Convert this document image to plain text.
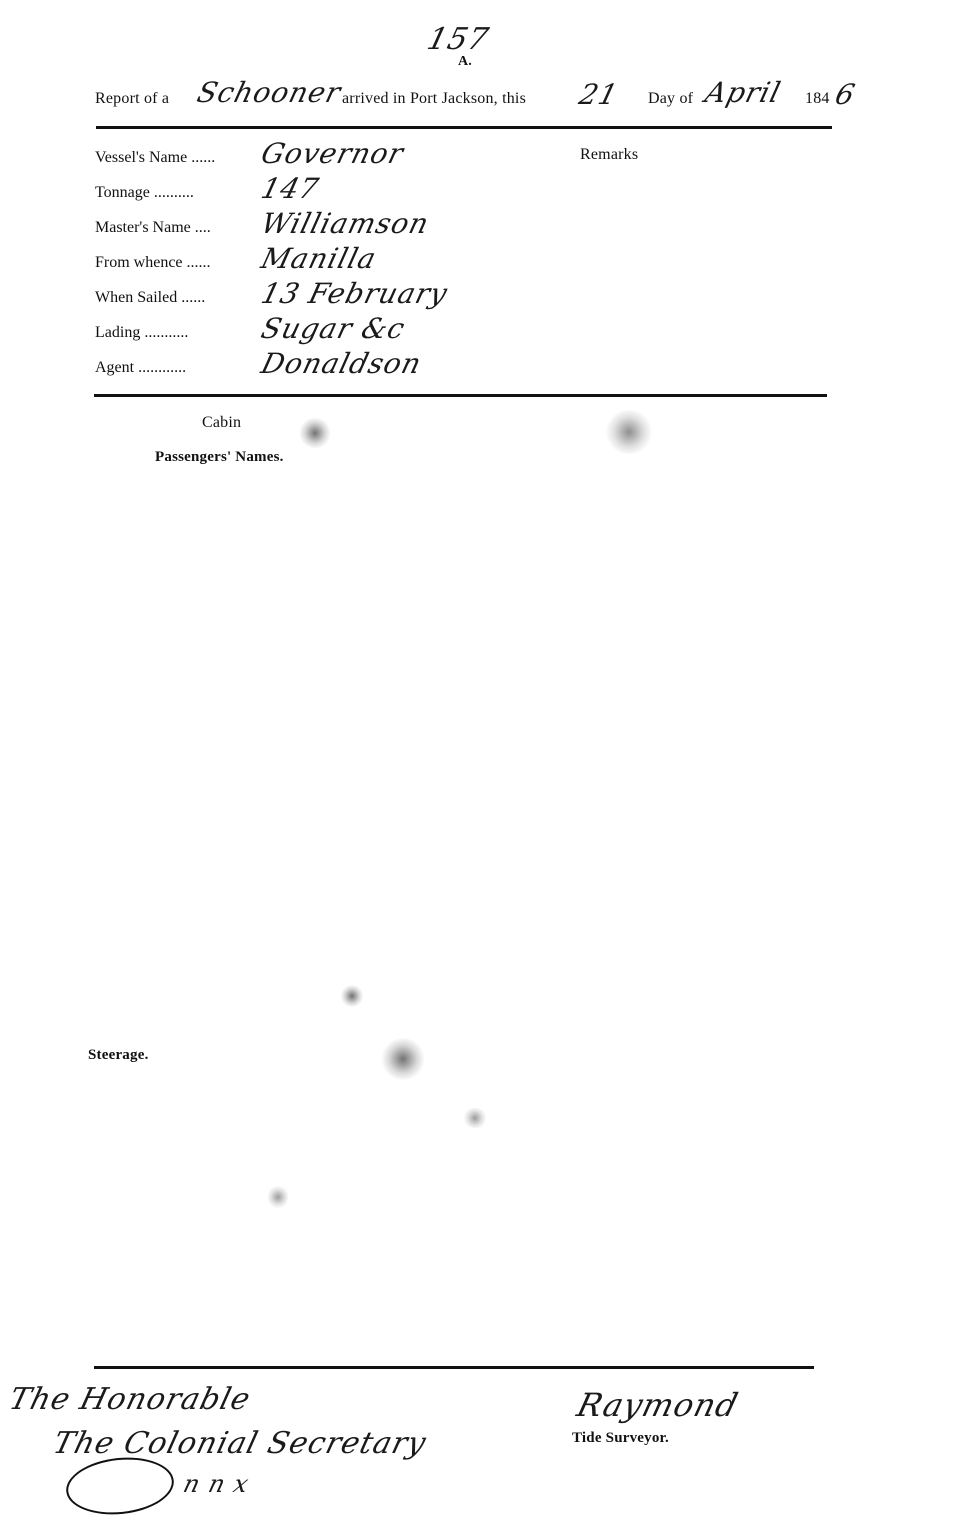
157
A.
Report of a Schooner
arrived in Port Jackson, this 21 Day of April 184 6
Remarks
Vessel's Name ...... Governor
Tonnage .......... 147
Master's Name .... Williamson
From whence ...... Manilla
When Sailed ...... 13 February
Lading ........... Sugar &c
Agent ............	Donaldson
Cabin
Passengers' Names.
Steerage.
The Honorable
The Colonial Secretary
n n x
Raymond
Tide Surveyor.
